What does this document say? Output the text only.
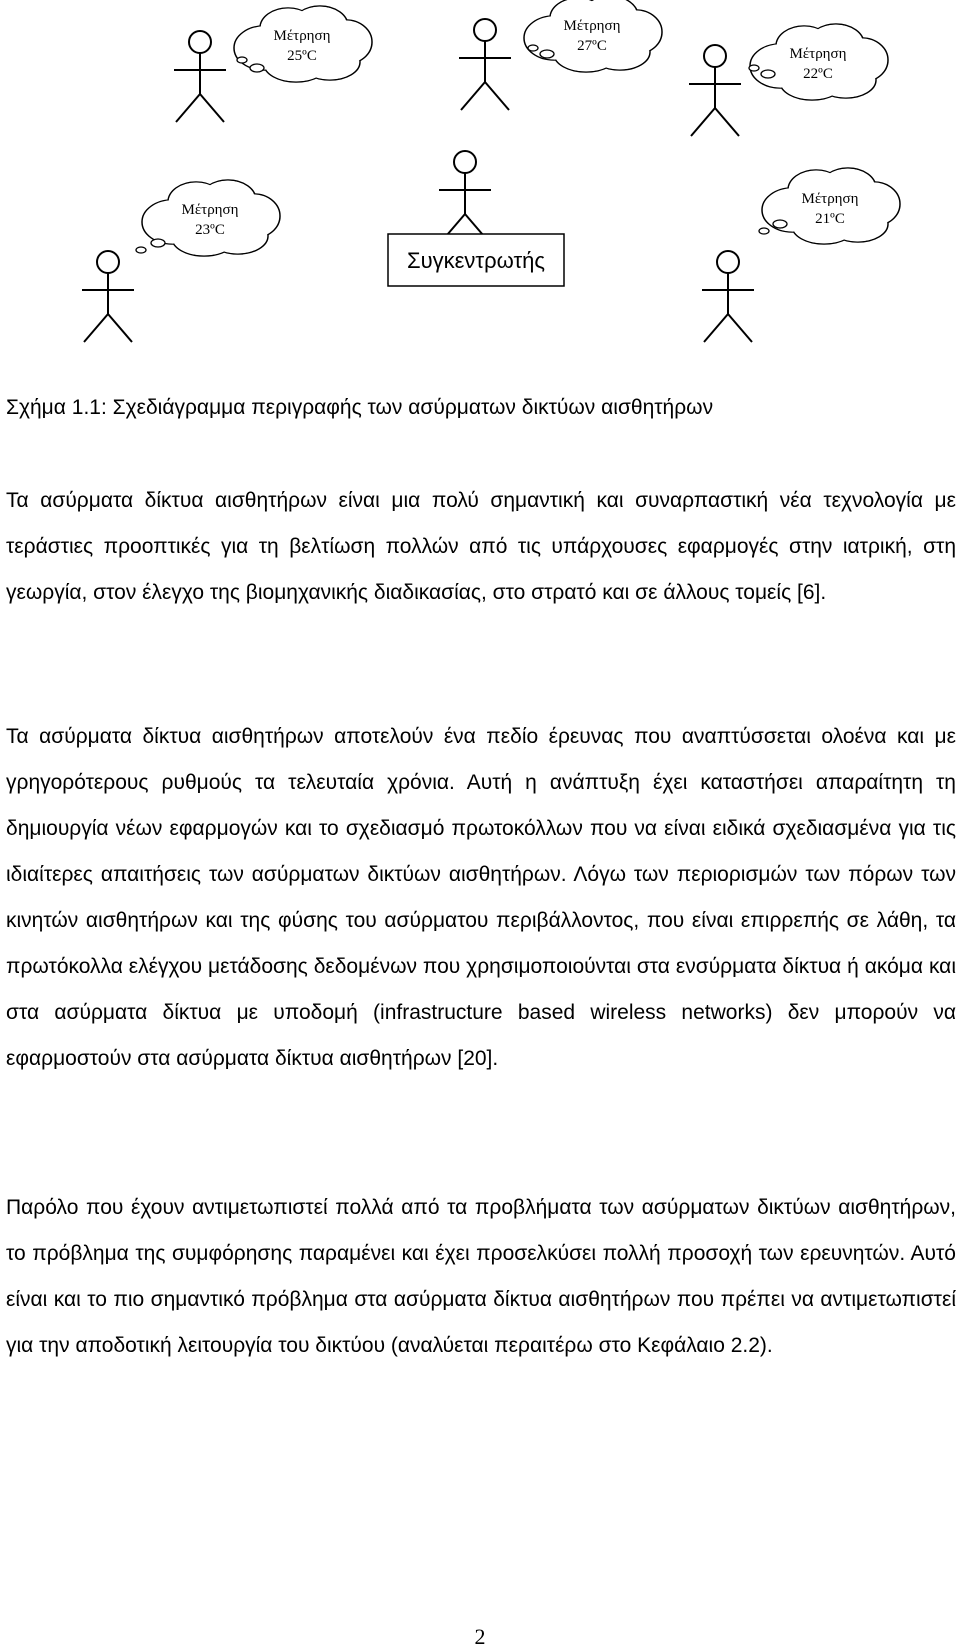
Μέτρηση
25ºC
Μέτρηση
27ºC	Μέτρηση
22ºC
Μέτρηση
23ºC
Συγκεντρωτής
Μέτρηση
21ºC
Σχήμα 1.1: Σχεδιάγραμμα περιγραφής των ασύρματων δικτύων αισθητήρων

Τα ασύρματα δίκτυα αισθητήρων είναι μια πολύ σημαντική και συναρπαστική νέα τεχνολογία με τεράστιες προοπτικές για τη βελτίωση πολλών από τις υπάρχουσες εφαρμογές στην ιατρική, στη γεωργία, στον έλεγχο της βιομηχανικής διαδικασίας, στο στρατό και σε άλλους τομείς [6].

Τα ασύρματα δίκτυα αισθητήρων αποτελούν ένα πεδίο έρευνας που αναπτύσσεται ολοένα και με γρηγορότερους ρυθμούς τα τελευταία χρόνια. Αυτή η ανάπτυξη έχει καταστήσει απαραίτητη τη δημιουργία νέων εφαρμογών και το σχεδιασμό πρωτοκόλλων που να είναι ειδικά σχεδιασμένα για τις ιδιαίτερες απαιτήσεις των ασύρματων δικτύων αισθητήρων. Λόγω των περιορισμών των πόρων των κινητών αισθητήρων και της φύσης του ασύρματου περιβάλλοντος, που είναι επιρρεπής σε λάθη, τα πρωτόκολλα ελέγχου μετάδοσης δεδομένων που χρησιμοποιούνται στα ενσύρματα δίκτυα ή ακόμα και στα ασύρματα δίκτυα με υποδομή (infrastructure based wireless networks) δεν μπορούν να εφαρμοστούν στα ασύρματα δίκτυα αισθητήρων [20].

Παρόλο που έχουν αντιμετωπιστεί πολλά από τα προβλήματα των ασύρματων δικτύων αισθητήρων, το πρόβλημα της συμφόρησης παραμένει και έχει προσελκύσει πολλή προσοχή των ερευνητών. Αυτό είναι και το πιο σημαντικό πρόβλημα στα ασύρματα δίκτυα αισθητήρων που πρέπει να αντιμετωπιστεί για την αποδοτική λειτουργία του δικτύου (αναλύεται περαιτέρω στο Κεφάλαιο 2.2).

2
